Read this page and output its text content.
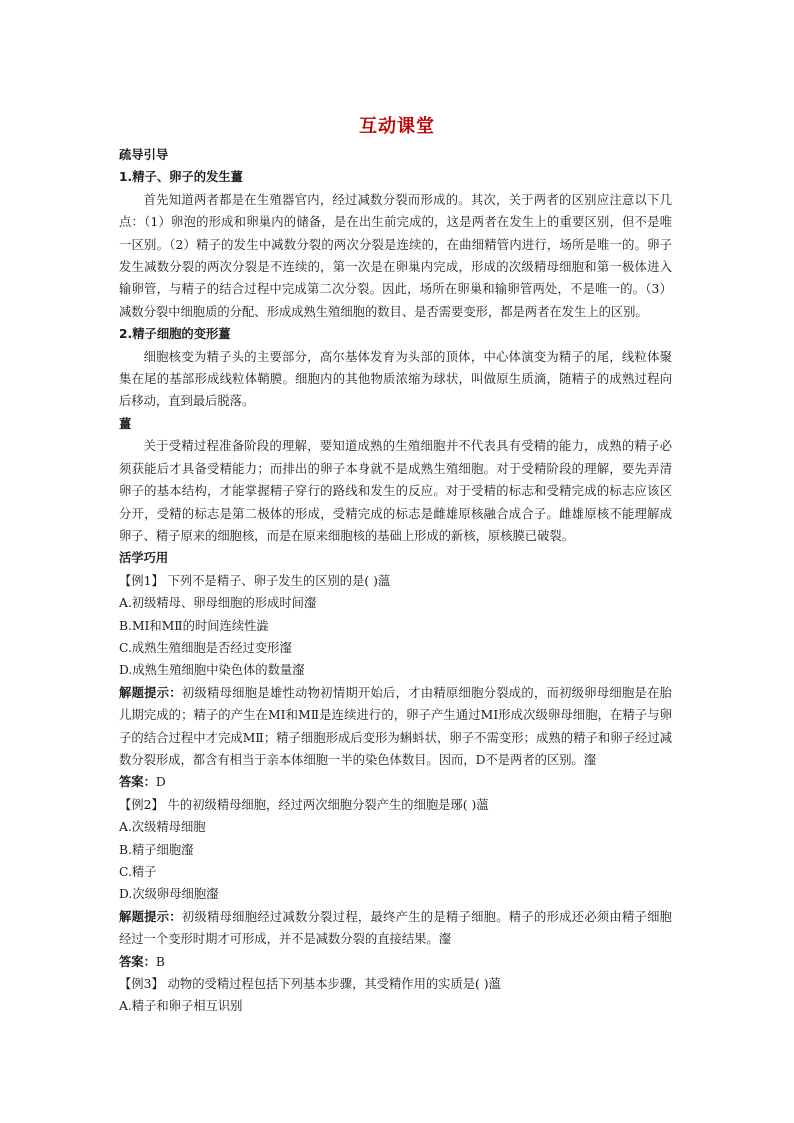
互动课堂

疏导引导

1.精子、卵子的发生薑

首先知道两者都是在生殖器官内，经过减数分裂而形成的。其次，关于两者的区别应注意以下几点：（1）卵泡的形成和卵巢内的储备，是在出生前完成的，这是两者在发生上的重要区别，但不是唯一区别。（2）精子的发生中减数分裂的两次分裂是连续的，在曲细精管内进行，场所是唯一的。卵子发生减数分裂的两次分裂是不连续的，第一次是在卵巢内完成，形成的次级精母细胞和第一极体进入输卵管，与精子的结合过程中完成第二次分裂。因此，场所在卵巢和输卵管两处，不是唯一的。（3）减数分裂中细胞质的分配、形成成熟生殖细胞的数目、是否需要变形，都是两者在发生上的区别。

2.精子细胞的变形薑

细胞核变为精子头的主要部分，高尔基体发育为头部的顶体，中心体演变为精子的尾，线粒体聚集在尾的基部形成线粒体鞘膜。细胞内的其他物质浓缩为球状，叫做原生质滴，随精子的成熟过程向后移动，直到最后脱落。

薑

关于受精过程准备阶段的理解，要知道成熟的生殖细胞并不代表具有受精的能力，成熟的精子必须获能后才具备受精能力；而排出的卵子本身就不是成熟生殖细胞。对于受精阶段的理解，要先弄清卵子的基本结构，才能掌握精子穿行的路线和发生的反应。对于受精的标志和受精完成的标志应该区分开，受精的标志是第二极体的形成，受精完成的标志是雌雄原核融合成合子。雌雄原核不能理解成卵子、精子原来的细胞核，而是在原来细胞核的基础上形成的新核，原核膜已破裂。

活学巧用

【例1】 下列不是精子、卵子发生的区别的是( )薀

A.初级精母、卵母细胞的形成时间瀣

B.MⅠ和MⅡ的时间连续性澁

C.成熟生殖细胞是否经过变形瀣

D.成熟生殖细胞中染色体的数量瀣

解题提示：初级精母细胞是雄性动物初情期开始后，才由精原细胞分裂成的，而初级卵母细胞是在胎儿期完成的；精子的产生在MⅠ和MⅡ是连续进行的，卵子产生通过MⅠ形成次级卵母细胞，在精子与卵子的结合过程中才完成MⅡ；精子细胞形成后变形为蝌蚪状，卵子不需变形；成熟的精子和卵子经过减数分裂形成，都含有相当于亲本体细胞一半的染色体数目。因而，D不是两者的区别。瀣

答案：D

【例2】 牛的初级精母细胞，经过两次细胞分裂产生的细胞是琊( )薀

A.次级精母细胞

B.精子细胞瀣

C.精子

D.次级卵母细胞瀣

解题提示：初级精母细胞经过减数分裂过程，最终产生的是精子细胞。精子的形成还必须由精子细胞经过一个变形时期才可形成，并不是减数分裂的直接结果。瀣

答案：B

【例3】 动物的受精过程包括下列基本步骤，其受精作用的实质是( )薀

A.精子和卵子相互识别
